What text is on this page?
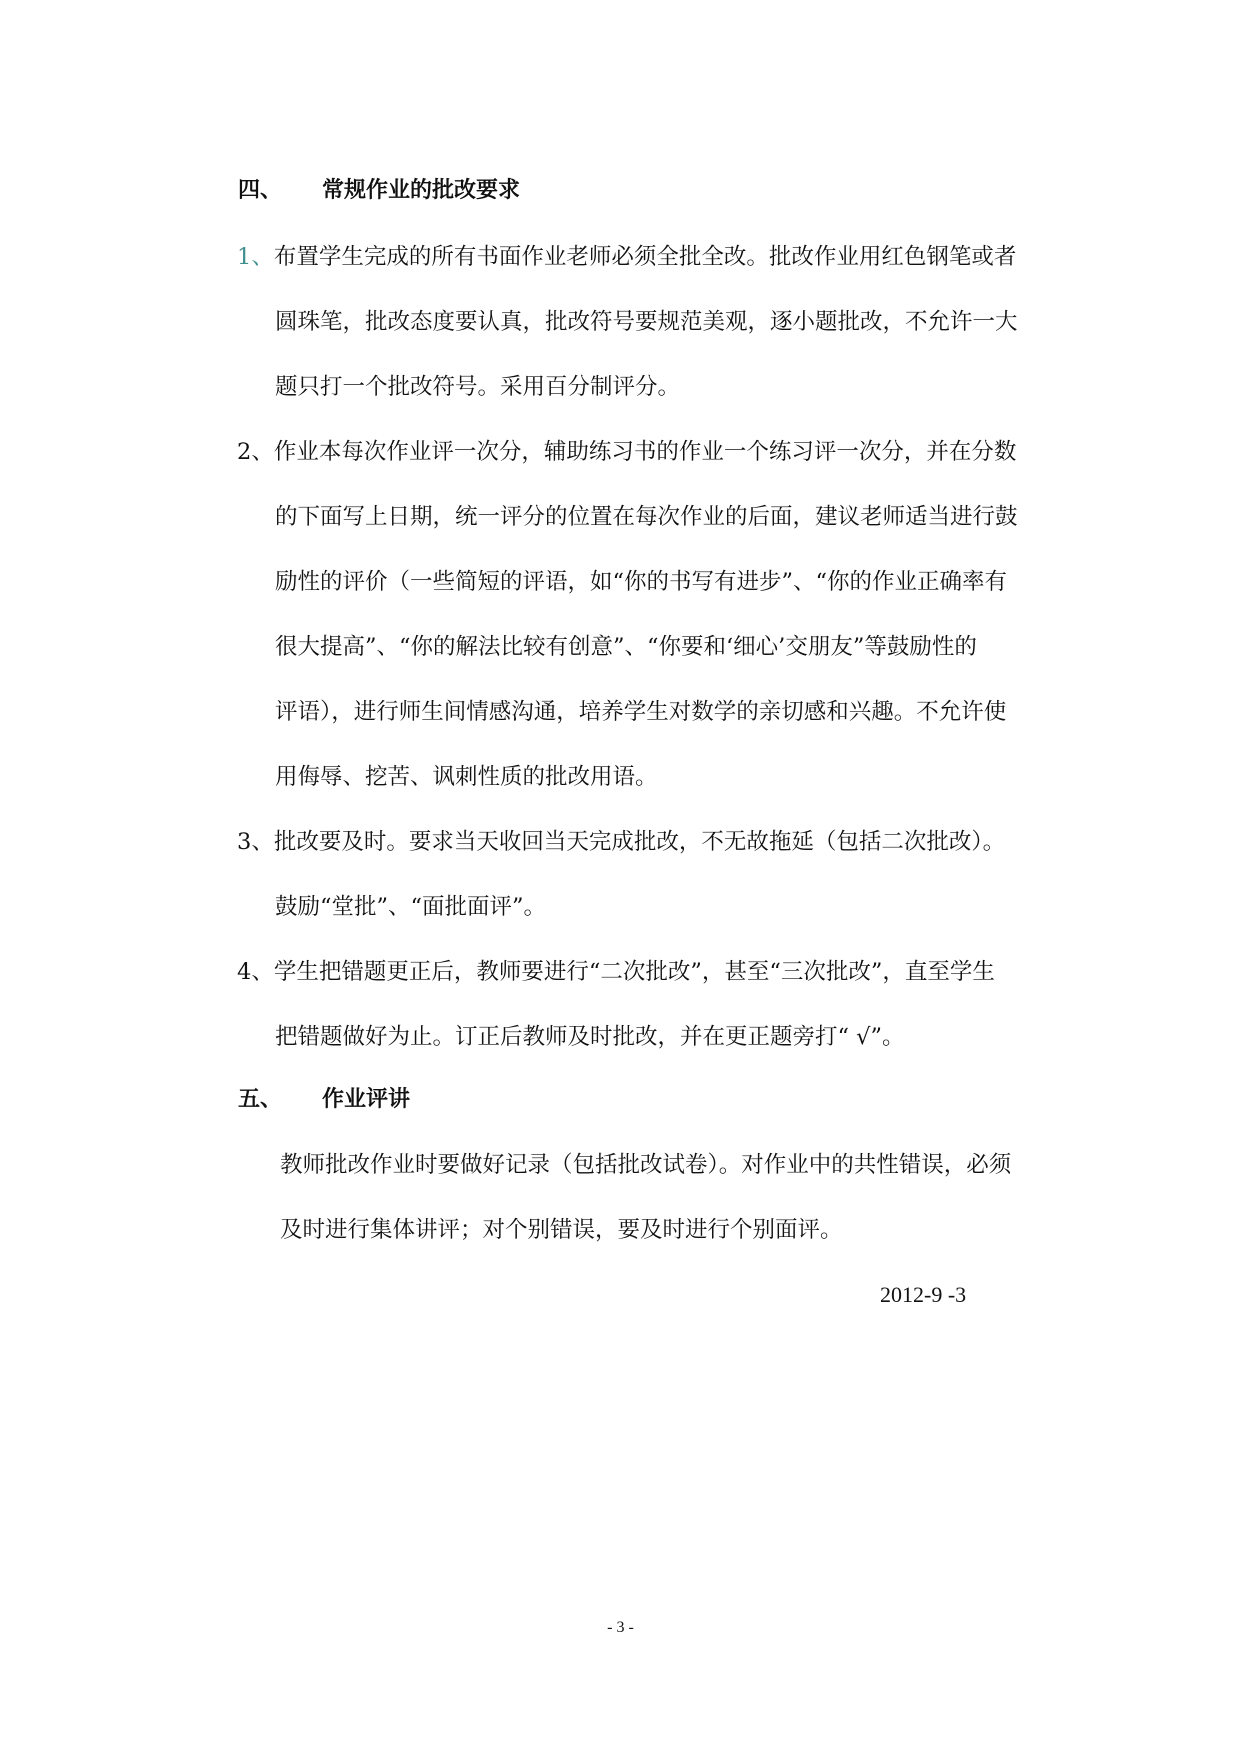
四、 常规作业的批改要求
1、布置学生完成的所有书面作业老师必须全批全改。批改作业用红色钢笔或者
圆珠笔，批改态度要认真，批改符号要规范美观，逐小题批改，不允许一大
题只打一个批改符号。采用百分制评分。
2、作业本每次作业评一次分，辅助练习书的作业一个练习评一次分，并在分数
的下面写上日期，统一评分的位置在每次作业的后面，建议老师适当进行鼓
励性的评价（一些简短的评语，如“你的书写有进步”、“你的作业正确率有
很大提高”、“你的解法比较有创意”、“你要和‘细心’交朋友”等鼓励性的
评语），进行师生间情感沟通，培养学生对数学的亲切感和兴趣。不允许使
用侮辱、挖苦、讽刺性质的批改用语。
3、批改要及时。要求当天收回当天完成批改，不无故拖延（包括二次批改）。
鼓励“堂批”、“面批面评”。
4、学生把错题更正后，教师要进行“二次批改”，甚至“三次批改”，直至学生
把错题做好为止。订正后教师及时批改，并在更正题旁打“ √”。
五、 作业评讲
教师批改作业时要做好记录（包括批改试卷）。对作业中的共性错误，必须
及时进行集体讲评；对个别错误，要及时进行个别面评。
2012-9 -3
- 3 -
